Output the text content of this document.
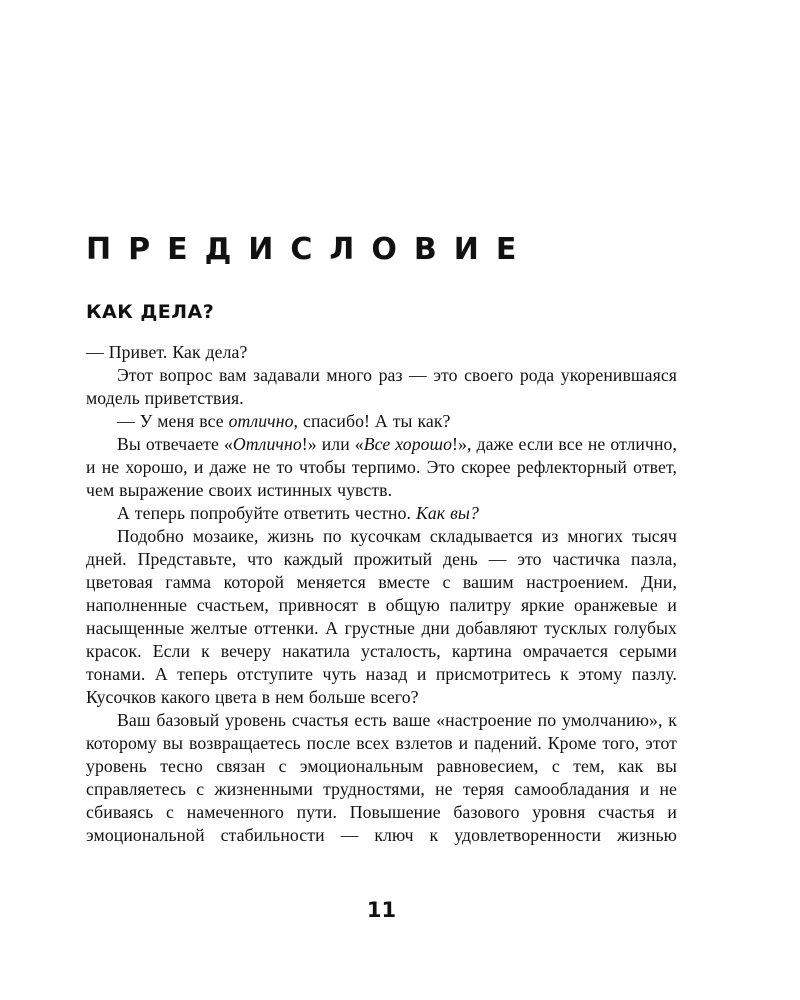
ПРЕДИСЛОВИЕ
КАК ДЕЛА?

— Привет. Как дела?

Этот вопрос вам задавали много раз — это своего рода укоренившаяся модель приветствия.

— У меня все отлично, спасибо! А ты как?

Вы отвечаете «Отлично!» или «Все хорошо!», даже если все не отлично, и не хорошо, и даже не то чтобы терпимо. Это скорее рефлекторный ответ, чем выражение своих истинных чувств.

А теперь попробуйте ответить честно. Как вы?

Подобно мозаике, жизнь по кусочкам складывается из многих тысяч дней. Представьте, что каждый прожитый день — это частичка пазла, цветовая гамма которой меняется вместе с вашим настроением. Дни, наполненные счастьем, привносят в общую палитру яркие оранжевые и насыщенные желтые оттенки. А грустные дни добавляют тусклых голубых красок. Если к вечеру накатила усталость, картина омрачается серыми тонами. А теперь отступите чуть назад и присмотритесь к этому пазлу. Кусочков какого цвета в нем больше всего?

Ваш базовый уровень счастья есть ваше «настроение по умолчанию», к которому вы возвращаетесь после всех взлетов и падений. Кроме того, этот уровень тесно связан с эмоциональным равновесием, с тем, как вы справляетесь с жизненными трудностями, не теряя самообладания и не сбиваясь с намеченного пути. Повышение базового уровня счастья и эмоциональной стабильности — ключ к удовлетворенности жизнью

11
